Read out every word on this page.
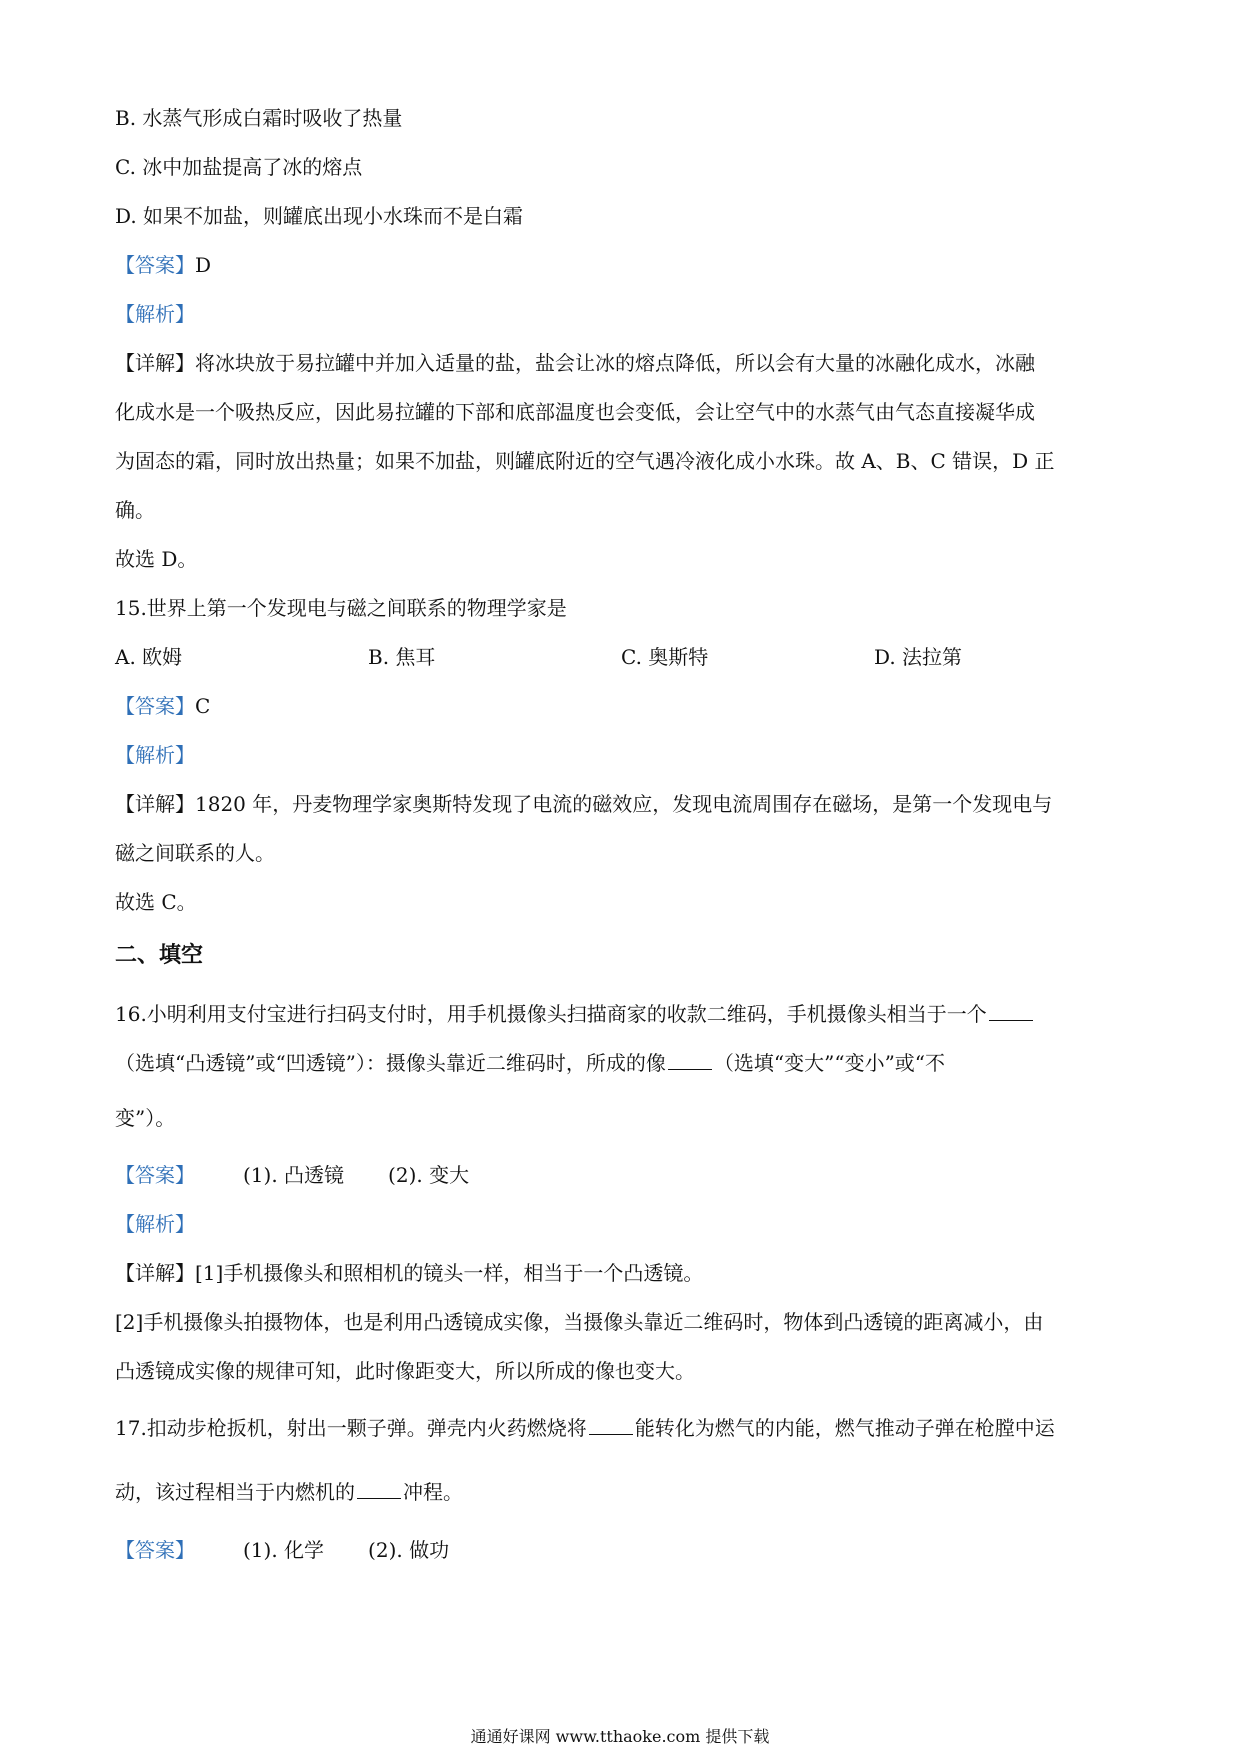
B. 水蒸气形成白霜时吸收了热量
C. 冰中加盐提高了冰的熔点
D. 如果不加盐，则罐底出现小水珠而不是白霜
【答案】D
【解析】
【详解】将冰块放于易拉罐中并加入适量的盐，盐会让冰的熔点降低，所以会有大量的冰融化成水，冰融
化成水是一个吸热反应，因此易拉罐的下部和底部温度也会变低，会让空气中的水蒸气由气态直接凝华成
为固态的霜，同时放出热量；如果不加盐，则罐底附近的空气遇冷液化成小水珠。故 A、B、C 错误，D 正
确。
故选 D。
15.世界上第一个发现电与磁之间联系的物理学家是
A. 欧姆	B. 焦耳	C. 奥斯特	D. 法拉第
【答案】C
【解析】
【详解】1820 年，丹麦物理学家奥斯特发现了电流的磁效应，发现电流周围存在磁场，是第一个发现电与
磁之间联系的人。
故选 C。
二、填空
16.小明利用支付宝进行扫码支付时，用手机摄像头扫描商家的收款二维码，手机摄像头相当于一个
（选填“凸透镜”或“凹透镜”）：摄像头靠近二维码时，所成的像 （选填“变大”“变小”或“不
变”）。
【答案】 (1). 凸透镜 (2). 变大
【解析】
【详解】[1]手机摄像头和照相机的镜头一样，相当于一个凸透镜。
[2]手机摄像头拍摄物体，也是利用凸透镜成实像，当摄像头靠近二维码时，物体到凸透镜的距离减小，由
凸透镜成实像的规律可知，此时像距变大，所以所成的像也变大。
17.扣动步枪扳机，射出一颗子弹。弹壳内火药燃烧将 能转化为燃气的内能，燃气推动子弹在枪膛中运
动，该过程相当于内燃机的 冲程。
【答案】 (1). 化学 (2). 做功
通通好课网 www.tthaoke.com 提供下载
